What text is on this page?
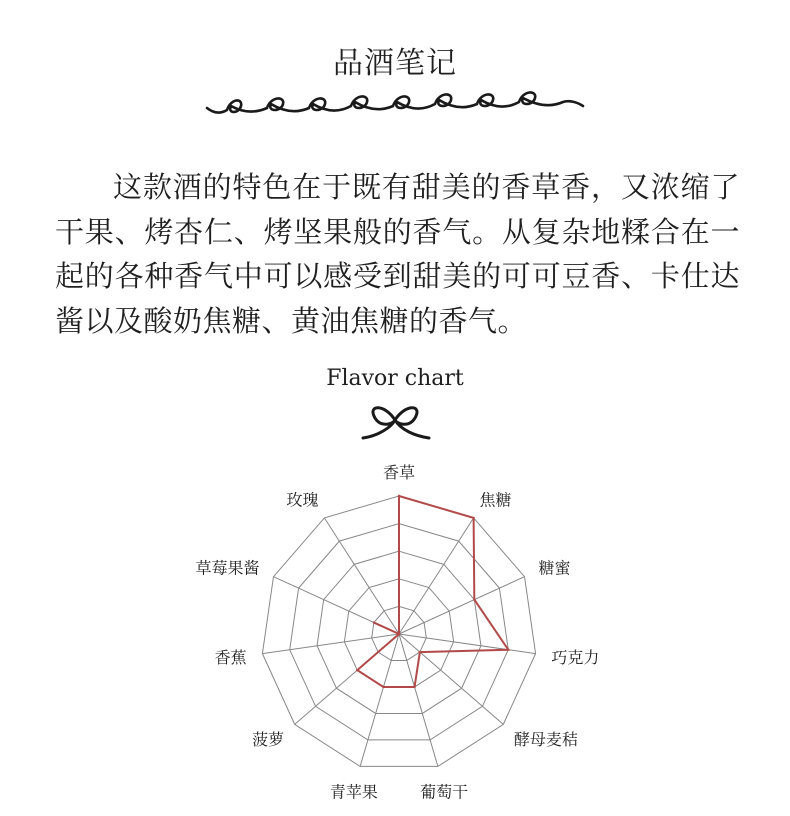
品酒笔记

这款酒的特色在于既有甜美的香草香，又浓缩了干果、烤杏仁、烤坚果般的香气。从复杂地糅合在一起的各种香气中可以感受到甜美的可可豆香、卡仕达酱以及酸奶焦糖、黄油焦糖的香气。

Flavor chart
香草
焦糖
糖蜜
巧克力
酵母麦秸
葡萄干
青苹果
菠萝
香蕉
草莓果酱
玫瑰
